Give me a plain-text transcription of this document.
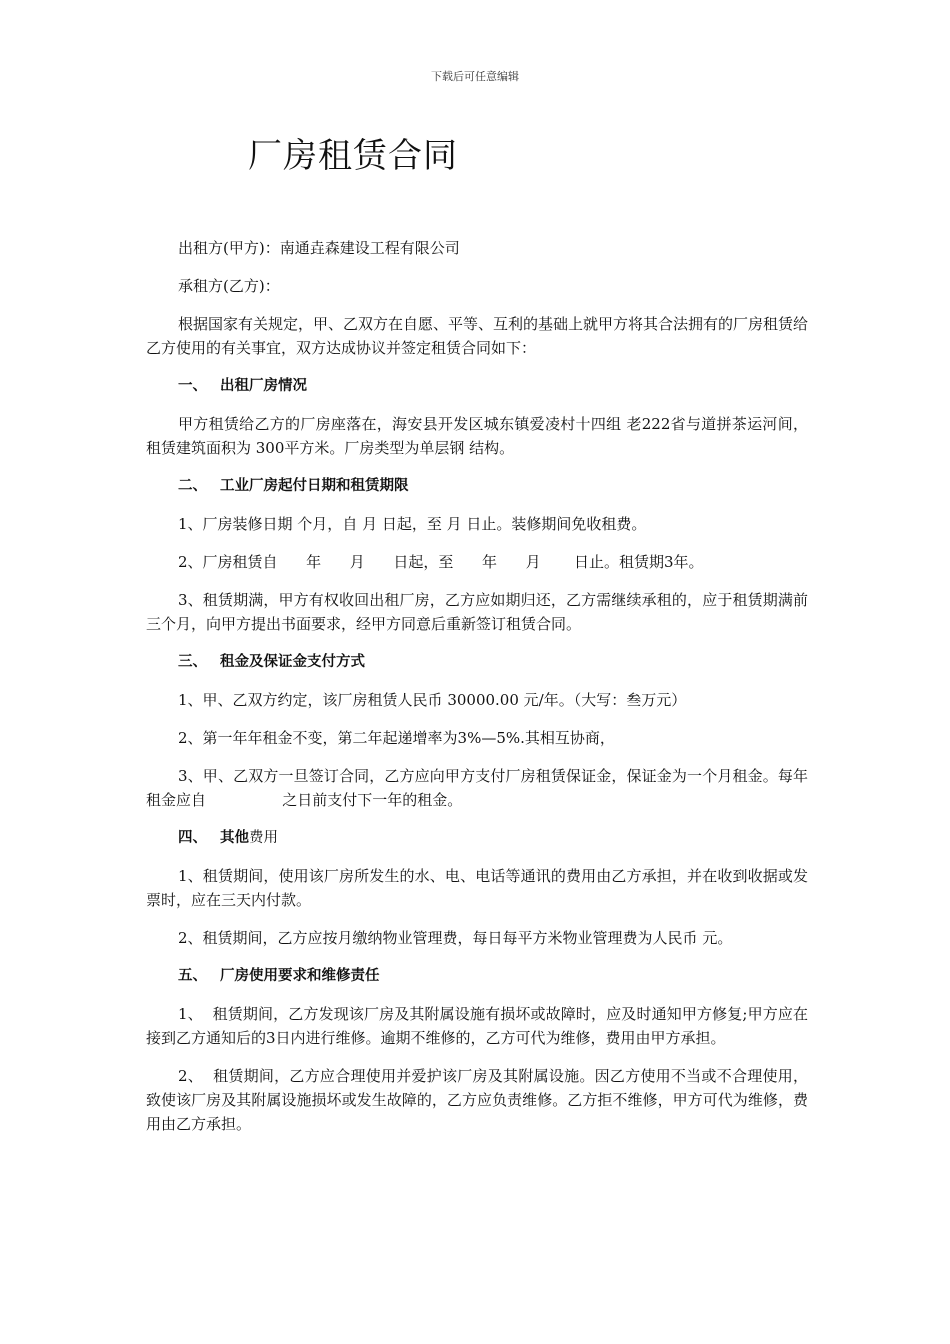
下载后可任意编辑
厂房租赁合同

出租方(甲方)：南通垚森建设工程有限公司

承租方(乙方)：

根据国家有关规定，甲、乙双方在自愿、平等、互利的基础上就甲方将其合法拥有的厂房租赁给乙方使用的有关事宜，双方达成协议并签定租赁合同如下：

一、 出租厂房情况

甲方租赁给乙方的厂房座落在，海安县开发区城东镇爱凌村十四组 老222省与道拼茶运河间，租赁建筑面积为 300平方米。厂房类型为单层钢 结构。

二、 工业厂房起付日期和租赁期限

1、厂房装修日期 个月，自 月 日起，至 月 日止。装修期间免收租费。

2、厂房租赁自      年      月      日起，至      年      月       日止。租赁期3年。

3、租赁期满，甲方有权收回出租厂房，乙方应如期归还，乙方需继续承租的，应于租赁期满前三个月，向甲方提出书面要求，经甲方同意后重新签订租赁合同。

三、 租金及保证金支付方式

1、甲、乙双方约定，该厂房租赁人民币 30000.00 元/年。（大写：叁万元）

2、第一年年租金不变，第二年起递增率为3%—5%.其相互协商，

3、甲、乙双方一旦签订合同，乙方应向甲方支付厂房租赁保证金，保证金为一个月租金。每年租金应自                之日前支付下一年的租金。

四、 其他费用

1、租赁期间，使用该厂房所发生的水、电、电话等通讯的费用由乙方承担，并在收到收据或发票时，应在三天内付款。

2、租赁期间，乙方应按月缴纳物业管理费，每日每平方米物业管理费为人民币 元。

五、 厂房使用要求和维修责任

1、  租赁期间，乙方发现该厂房及其附属设施有损坏或故障时，应及时通知甲方修复;甲方应在接到乙方通知后的3日内进行维修。逾期不维修的，乙方可代为维修，费用由甲方承担。

2、  租赁期间，乙方应合理使用并爱护该厂房及其附属设施。因乙方使用不当或不合理使用，致使该厂房及其附属设施损坏或发生故障的，乙方应负责维修。乙方拒不维修，甲方可代为维修，费用由乙方承担。
